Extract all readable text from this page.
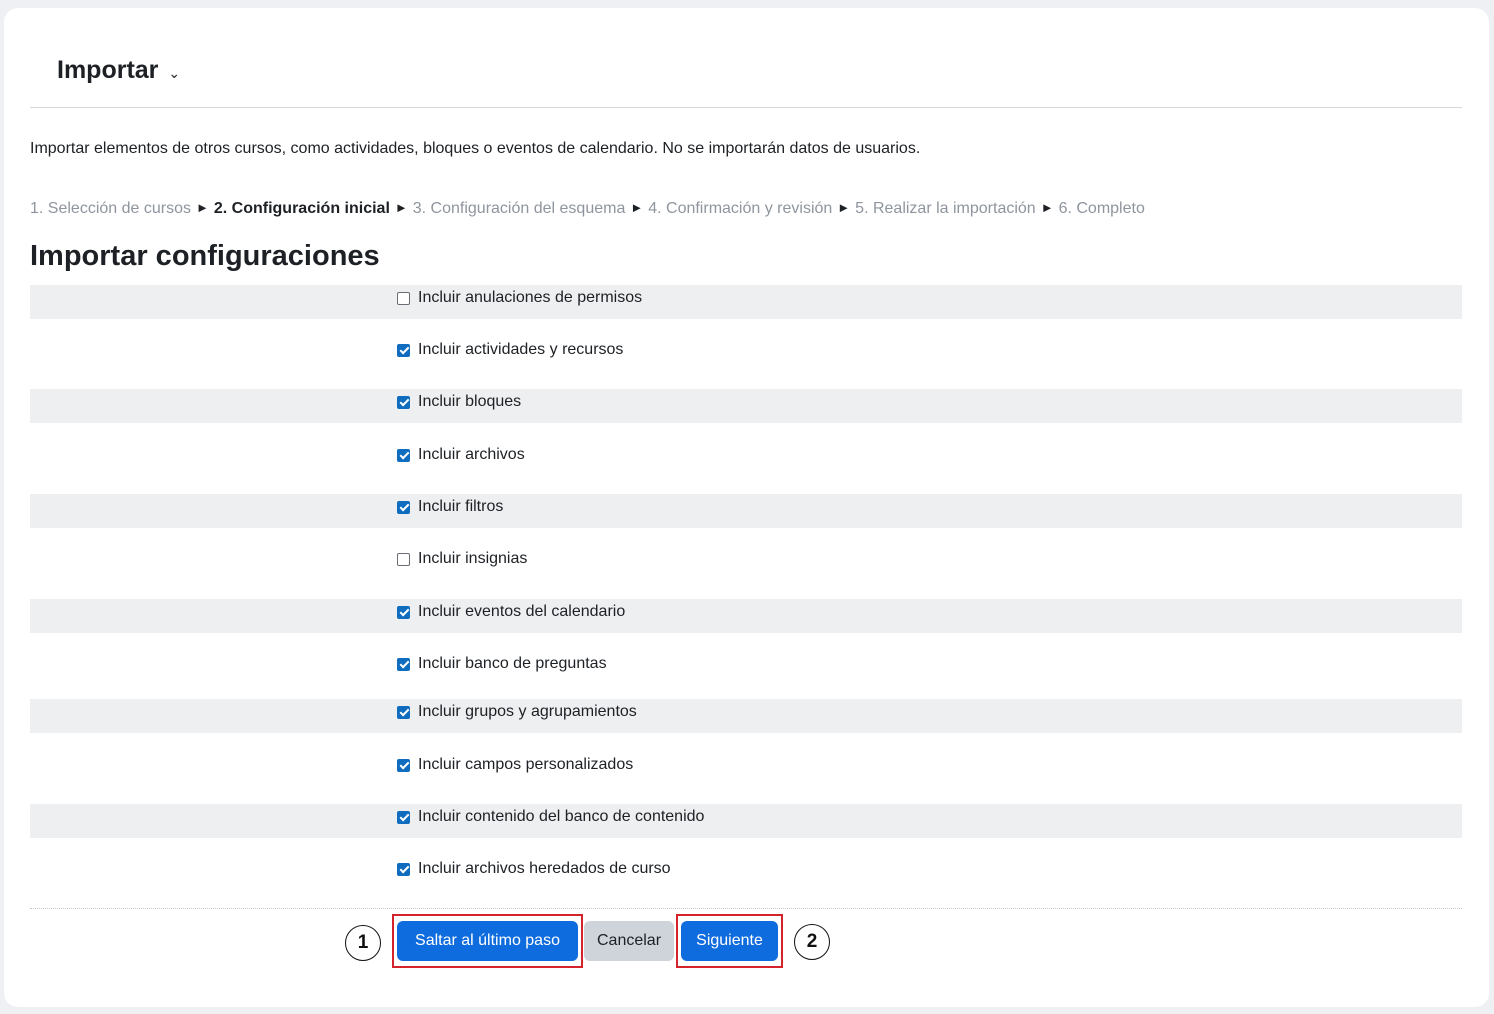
Importar ⌄
Importar elementos de otros cursos, como actividades, bloques o eventos de calendario. No se importarán datos de usuarios.
1. Selección de cursos ► 2. Configuración inicial ► 3. Configuración del esquema ► 4. Confirmación y revisión ► 5. Realizar la importación ► 6. Completo
Importar configuraciones
Incluir anulaciones de permisos
Incluir actividades y recursos
Incluir bloques
Incluir archivos
Incluir filtros
Incluir insignias
Incluir eventos del calendario
Incluir banco de preguntas
Incluir grupos y agrupamientos
Incluir campos personalizados
Incluir contenido del banco de contenido
Incluir archivos heredados de curso
1	Saltar al último paso	Cancelar	Siguiente	2
